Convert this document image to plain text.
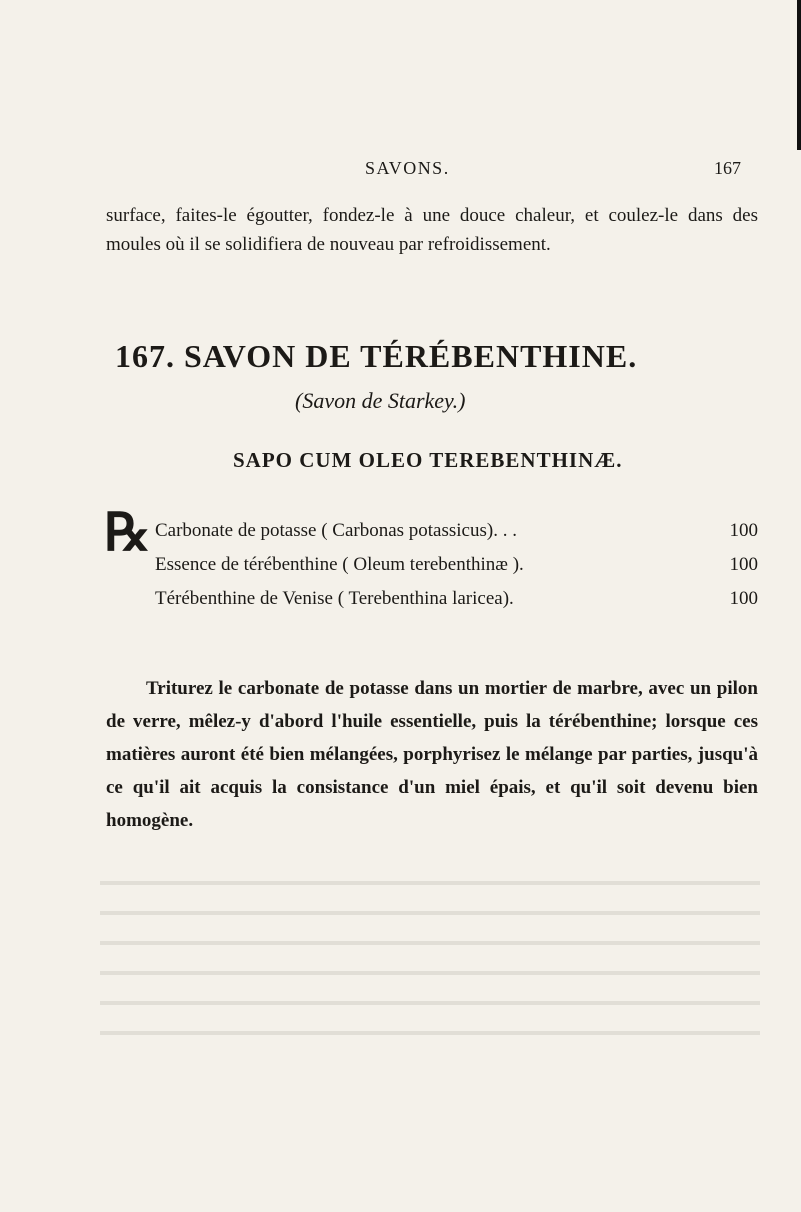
SAVONS.	167

surface, faites-le égoutter, fondez-le à une douce chaleur, et coulez-le dans des moules où il se solidifiera de nouveau par refroidissement.

167. SAVON DE TÉRÉBENTHINE.
(Savon de Starkey.)
SAPO CUM OLEO TEREBENTHINÆ.
℞ Carbonate de potasse ( Carbonas potassicus). . .	100
Essence de térébenthine ( Oleum terebenthinæ ).	100
Térébenthine de Venise ( Terebenthina laricea).	100

Triturez le carbonate de potasse dans un mortier de marbre, avec un pilon de verre, mêlez-y d'abord l'huile essentielle, puis la térébenthine; lorsque ces matières auront été bien mélangées, porphyrisez le mélange par parties, jusqu'à ce qu'il ait acquis la consistance d'un miel épais, et qu'il soit devenu bien homogène.
